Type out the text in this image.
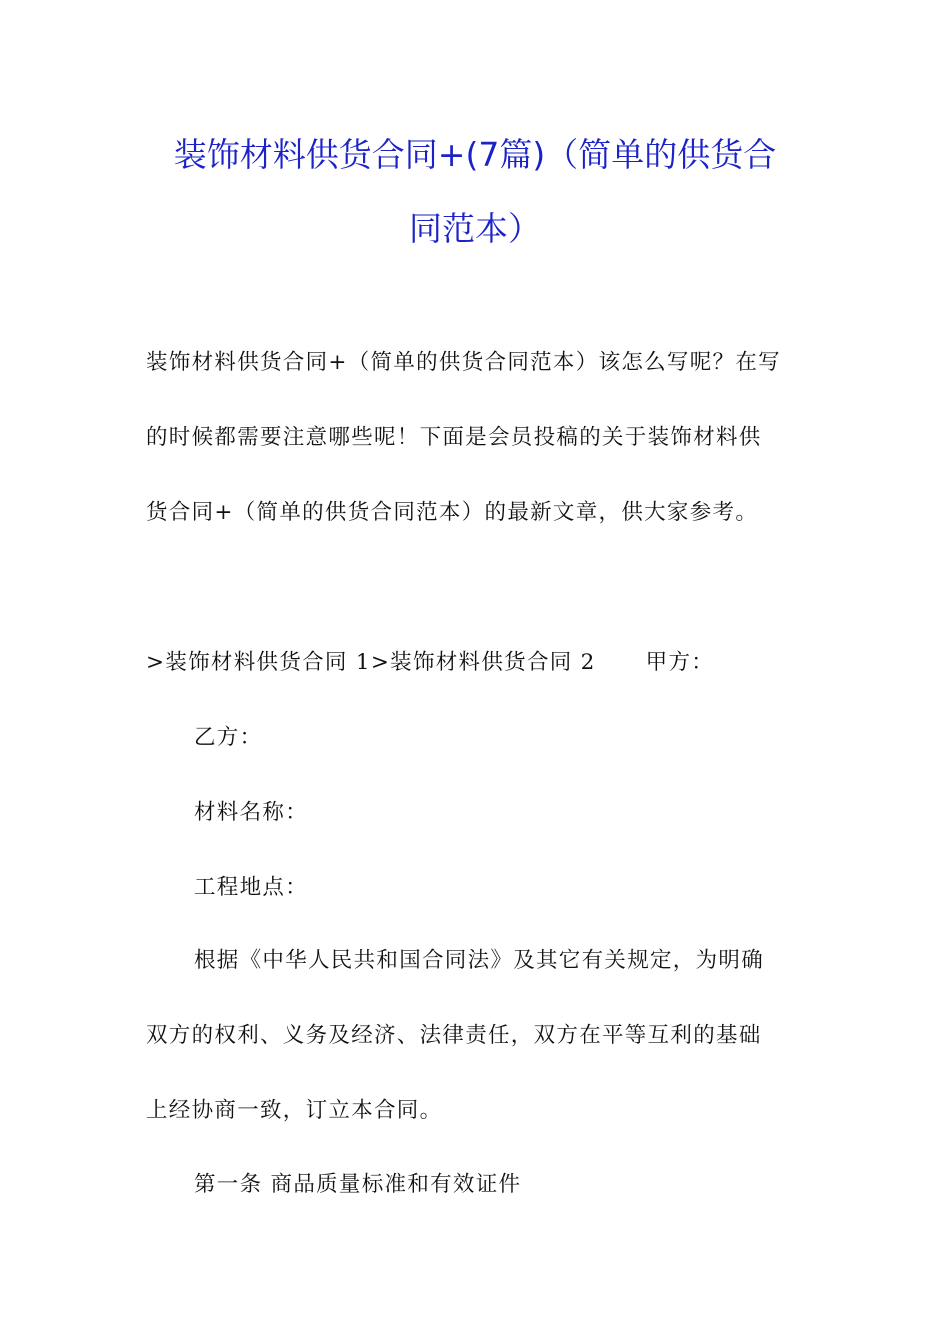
装饰材料供货合同+(7篇)（简单的供货合
同范本）

装饰材料供货合同+（简单的供货合同范本）该怎么写呢？在写

的时候都需要注意哪些呢！下面是会员投稿的关于装饰材料供

货合同+（简单的供货合同范本）的最新文章，供大家参考。

>装饰材料供货合同 1>装饰材料供货合同 2 甲方：

乙方：

材料名称：

工程地点：

根据《中华人民共和国合同法》及其它有关规定，为明确

双方的权利、义务及经济、法律责任，双方在平等互利的基础

上经协商一致，订立本合同。

第一条 商品质量标准和有效证件
